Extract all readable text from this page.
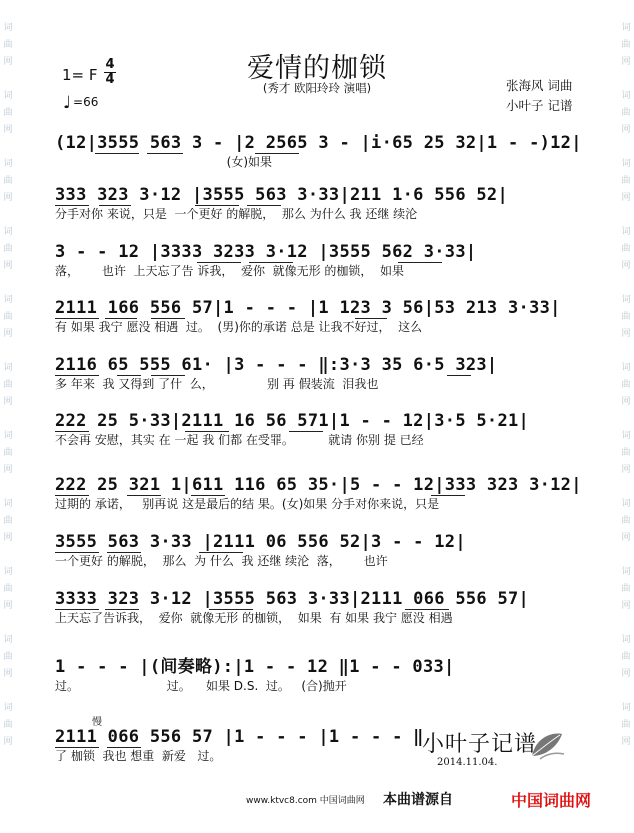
词
曲
网

词
曲
网

词
曲
网

词
曲
网

词
曲
网

词
曲
网

词
曲
网

词
曲
网

词
曲
网

词
曲
网

词
曲
网
词
曲
网

词
曲
网

词
曲
网

词
曲
网

词
曲
网

词
曲
网

词
曲
网

词
曲
网

词
曲
网

词
曲
网

词
曲
网
爱情的枷锁
(秀才 欧阳玲玲 演唱)
1= F
4
4
♩ =66
张海风 词曲
小叶子 记谱
(12|3555 563 3 - |2 2565 3 - |i·65 25 32|1 - -)12|
(女)如果
333 323 3·12 |3555 563 3·33|211 1·6 556 52|
分手对你 来说，只是  一个更好 的解脱，  那么 为什么 我 还继 续沦
3 - - 12 |3333 3233 3·12 |3555 562 3·33|
落，      也许  上天忘了告 诉我，  爱你  就像无形 的枷锁，  如果
2111 166 556 57|1 - - - |1 123 3 56|53 213 3·33|
有 如果 我宁 愿没 相遇  过。  (男)你的承诺 总是 让我不好过，  这么
2116 65 555 61· |3 - - - ‖:3·3 35 6·5 323|
多 年来  我 又得到 了什  么，              别 再 假装流  泪我也
222 25 5·33|2111 16 56 571|1 - - 12|3·5 5·21|
不会再 安慰，其实 在 一起 我 们都 在受罪。         就请 你别 提 已经
222 25 321 1|611 116 65 35·|5 - - 12|333 323 3·12|
过期的 承诺，   别再说 这是最后的结 果。(女)如果 分手对你来说，只是
3555 563 3·33 |2111 06 556 52|3 - - 12|
一个更好 的解脱，  那么  为 什么  我 还继 续沦  落，      也许
3333 323 3·12 |3555 563 3·33|2111 066 556 57|
上天忘了告诉我，  爱你  就像无形 的枷锁，  如果  有 如果 我宁 愿没 相遇
1 - - - |(间奏略):|1 - - 12 ‖1 - - 033|
过。                       过。    如果 D.S.  过。   (合)抛开
慢
2111 066 556 57 |1 - - - |1 - - - ‖
了 枷锁  我也 想重  新爱   过。	小叶子记谱
2014.11.04.
www.ktvc8.com 中国词曲网 本曲谱源自	中国词曲网
